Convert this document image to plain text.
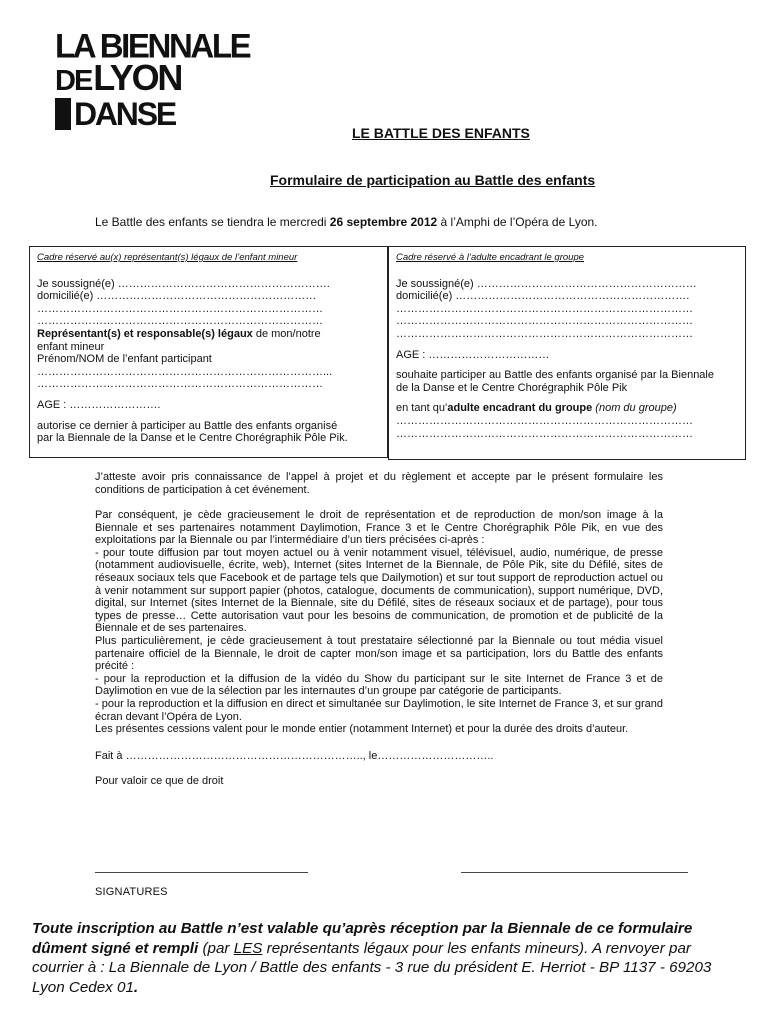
LA BIENNALE
DE LYON
DANSE
LE BATTLE DES ENFANTS
Formulaire de participation au Battle des enfants
Le Battle des enfants se tiendra le mercredi 26 septembre 2012 à l’Amphi de l’Opéra de Lyon.
Cadre réservé au(x) représentant(s) légaux de l’enfant mineur
Je soussigné(e) ………………………………………………….
domicilié(e) ……………………………………………………
……………………………………………………………………
……………………………………………………………………
Représentant(s) et responsable(s) légaux de mon/notre
enfant mineur
Prénom/NOM de l’enfant participant
……………………………………………………………………...
……………………………………………………………………
AGE : …………………….
autorise ce dernier à participer au Battle des enfants organisé
par la Biennale de la Danse et le Centre Chorégraphik Pôle Pik.
Cadre réservé à l’adulte encadrant le groupe
Je soussigné(e) ……………………………………………………
domicilié(e) ……………………………………………………….
………………………………………………………………………
………………………………………………………………………
………………………………………………………………………
AGE : ……………………………
souhaite participer au Battle des enfants organisé par la Biennale
de la Danse et le Centre Chorégraphik Pôle Pik
en tant qu’adulte encadrant du groupe (nom du groupe)
………………………………………………………………………
………………………………………………………………………
J’atteste avoir pris connaissance de l’appel à projet et du règlement et accepte par le présent formulaire les conditions de participation à cet événement.
Par conséquent, je cède gracieusement le droit de représentation et de reproduction de mon/son image à la Biennale et ses partenaires notamment Daylimotion, France 3 et le Centre Chorégraphik Pôle Pik, en vue des exploitations par la Biennale ou par l’intermédiaire d’un tiers précisées ci-après :
- pour toute diffusion par tout moyen actuel ou à venir notamment visuel, télévisuel, audio, numérique, de presse (notamment audiovisuelle, écrite, web), Internet (sites Internet de la Biennale, de Pôle Pik, site du Défilé, sites de réseaux sociaux tels que Facebook et de partage tels que Dailymotion) et sur tout support de reproduction actuel ou à venir notamment sur support papier (photos, catalogue, documents de communication), support numérique, DVD, digital, sur Internet (sites Internet de la Biennale, site du Défilé, sites de réseaux sociaux et de partage), pour tous types de presse… Cette autorisation vaut pour les besoins de communication, de promotion et de publicité de la Biennale et de ses partenaires.
Plus particulièrement, je cède gracieusement à tout prestataire sélectionné par la Biennale ou tout média visuel partenaire officiel de la Biennale, le droit de capter mon/son image et sa participation, lors du Battle des enfants précité :
- pour la reproduction et la diffusion de la vidéo du Show du participant sur le site Internet de France 3 et de Daylimotion en vue de la sélection par les internautes d’un groupe par catégorie de participants.
- pour la reproduction et la diffusion en direct et simultanée sur Daylimotion, le site Internet de France 3, et sur grand écran devant l’Opéra de Lyon.
Les présentes cessions valent pour le monde entier (notamment Internet) et pour la durée des droits d’auteur.
Fait à ……………………………………………………….., le…………………………..
Pour valoir ce que de droit
SIGNATURES
Toute inscription au Battle n’est valable qu’après réception par la Biennale de ce formulaire dûment signé et rempli (par LES représentants légaux pour les enfants mineurs). A renvoyer par courrier à : La Biennale de Lyon / Battle des enfants - 3 rue du président E. Herriot - BP 1137 - 69203 Lyon Cedex 01.
